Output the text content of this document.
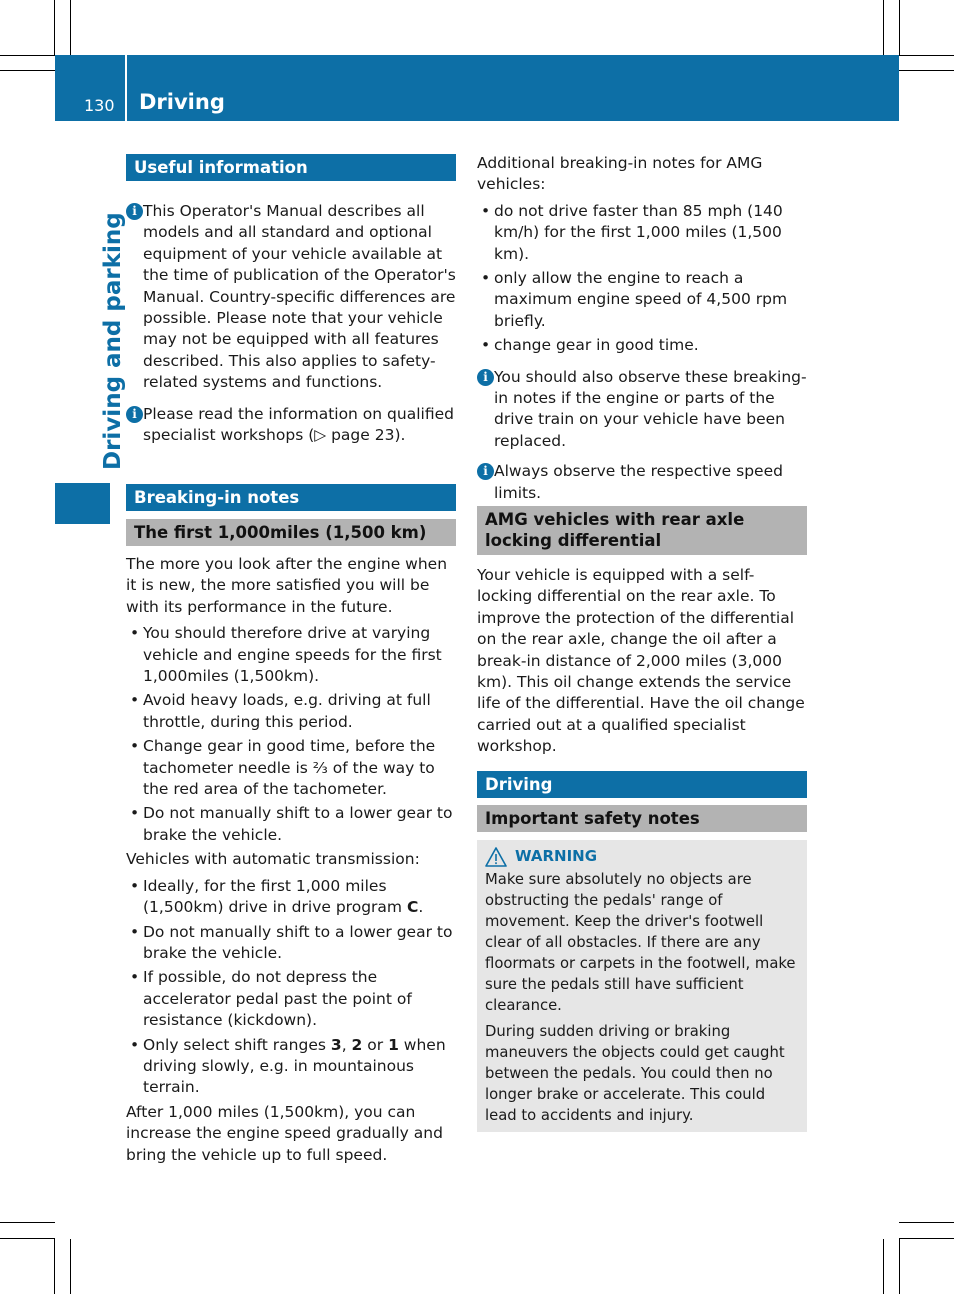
130 Driving
Driving and parking
Useful information
i This Operator's Manual describes all models and all standard and optional equipment of your vehicle available at the time of publication of the Operator's Manual. Country-specific differences are possible. Please note that your vehicle may not be equipped with all features described. This also applies to safety-related systems and functions.
i Please read the information on qualified specialist workshops (▷ page 23).
Breaking-in notes
The first 1,000miles (1,500 km)

The more you look after the engine when it is new, the more satisfied you will be with its performance in the future.

• You should therefore drive at varying vehicle and engine speeds for the first 1,000miles (1,500km).
• Avoid heavy loads, e.g. driving at full throttle, during this period.
• Change gear in good time, before the tachometer needle is ⅔ of the way to the red area of the tachometer.
• Do not manually shift to a lower gear to brake the vehicle.

Vehicles with automatic transmission:

• Ideally, for the first 1,000 miles (1,500km) drive in drive program C.
• Do not manually shift to a lower gear to brake the vehicle.
• If possible, do not depress the accelerator pedal past the point of resistance (kickdown).
• Only select shift ranges 3, 2 or 1 when driving slowly, e.g. in mountainous terrain.

After 1,000 miles (1,500km), you can increase the engine speed gradually and bring the vehicle up to full speed.

Additional breaking-in notes for AMG vehicles:

• do not drive faster than 85 mph (140 km/h) for the first 1,000 miles (1,500 km).
• only allow the engine to reach a maximum engine speed of 4,500 rpm briefly.
• change gear in good time.
i You should also observe these breaking-in notes if the engine or parts of the drive train on your vehicle have been replaced.
i Always observe the respective speed limits.
AMG vehicles with rear axle locking differential

Your vehicle is equipped with a self-locking differential on the rear axle. To improve the protection of the differential on the rear axle, change the oil after a break-in distance of 2,000 miles (3,000 km). This oil change extends the service life of the differential. Have the oil change carried out at a qualified specialist workshop.

Driving
Important safety notes
WARNING
Make sure absolutely no objects are obstructing the pedals' range of movement. Keep the driver's footwell clear of all obstacles. If there are any floormats or carpets in the footwell, make sure the pedals still have sufficient clearance.
During sudden driving or braking maneuvers the objects could get caught between the pedals. You could then no longer brake or accelerate. This could lead to accidents and injury.
